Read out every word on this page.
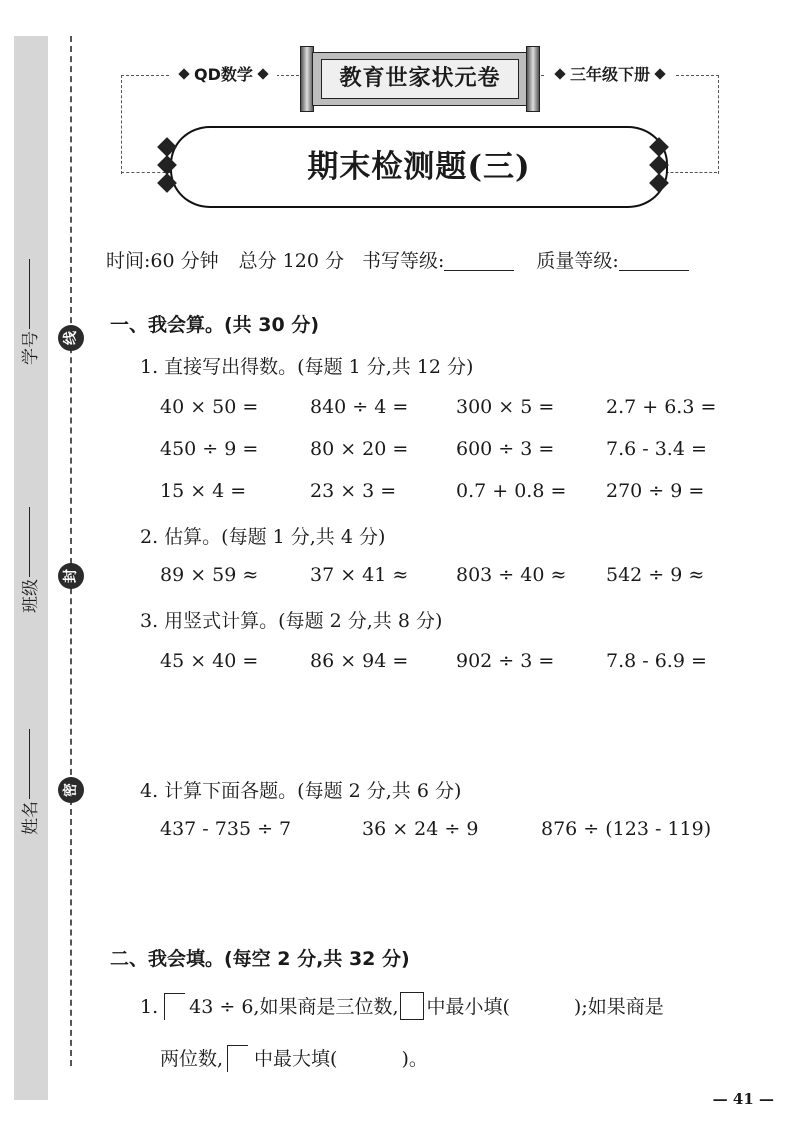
学号
班级
姓名
线
封
密
QD数学	三年级下册
教育世家状元卷
期末检测题(三)
时间:60 分钟 总分 120 分 书写等级:	质量等级:
一、我会算。(共 30 分)
1. 直接写出得数。(每题 1 分,共 12 分)
40 × 50 =	840 ÷ 4 =	300 × 5 =	2.7 + 6.3 =
450 ÷ 9 =	80 × 20 =	600 ÷ 3 =	7.6 - 3.4 =
15 × 4 =	23 × 3 =	0.7 + 0.8 = 270 ÷ 9 =
2. 估算。(每题 1 分,共 4 分)
89 × 59 ≈	37 × 41 ≈	803 ÷ 40 ≈ 542 ÷ 9 ≈
3. 用竖式计算。(每题 2 分,共 8 分)
45 × 40 =	86 × 94 =	902 ÷ 3 =	7.8 - 6.9 =
4. 计算下面各题。(每题 2 分,共 6 分)
437 - 735 ÷ 7	36 × 24 ÷ 9	876 ÷ (123 - 119)
二、我会填。(每空 2 分,共 32 分)
1. 43 ÷ 6,如果商是三位数, 中最小填(	);如果商是
两位数, 中最大填(	)。
— 41 —
